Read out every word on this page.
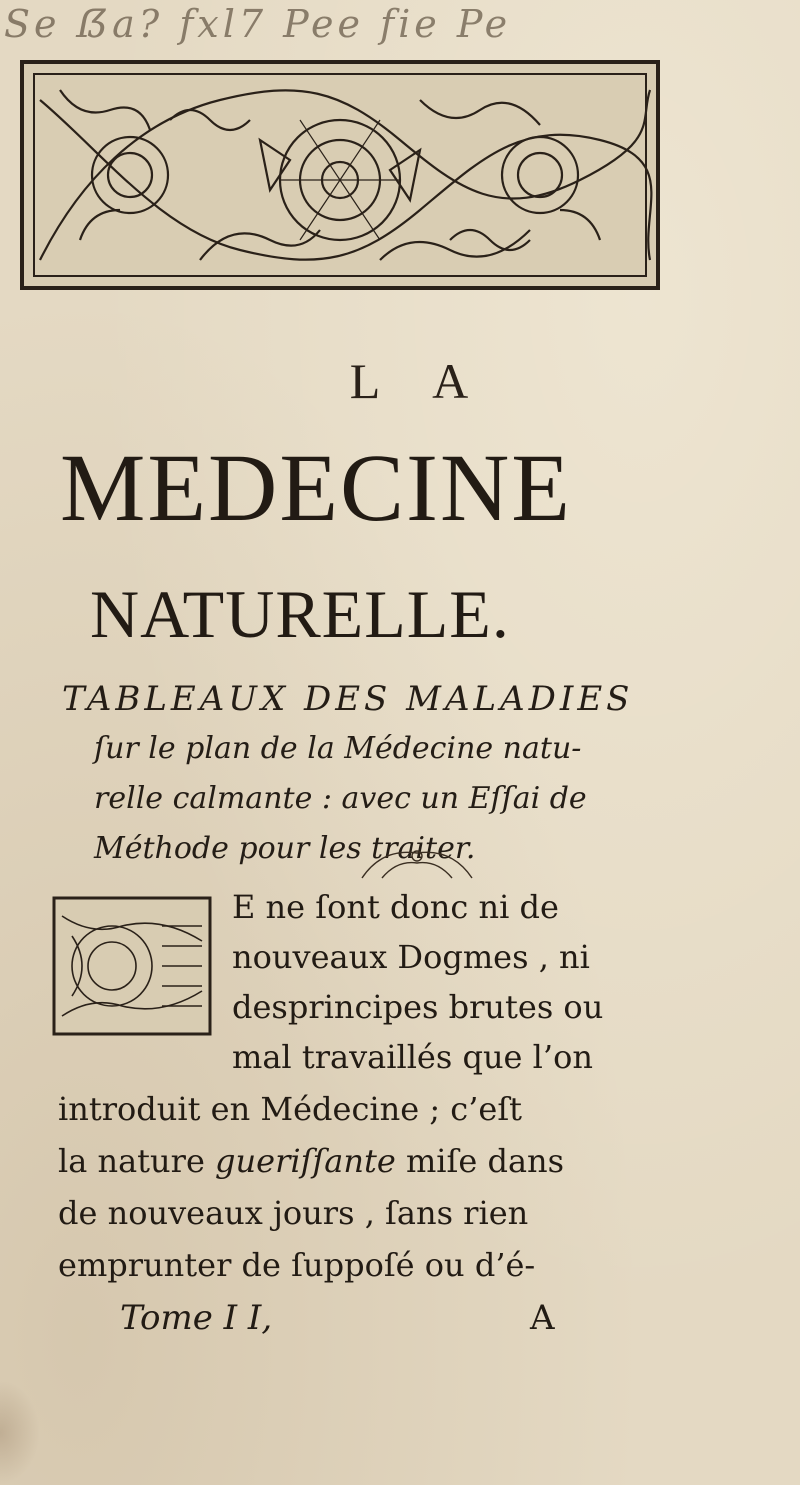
Se ẞa? fxl7 Pee fie Pe
L A
MEDECINE
NATURELLE.
TABLEAUX DES MALADIES
ſur le plan de la Médecine natu-
relle calmante : avec un Eſſai de
Méthode pour les traiter.
E ne ſont donc ni de
nouveaux Dogmes , ni
desprincipes brutes ou
mal travaillés que l’on
introduit en Médecine ; c’eſt
la nature gueriſſante miſe dans
de nouveaux jours , ſans rien
emprunter de ſuppoſé ou d’é-
Tome I I,	A
